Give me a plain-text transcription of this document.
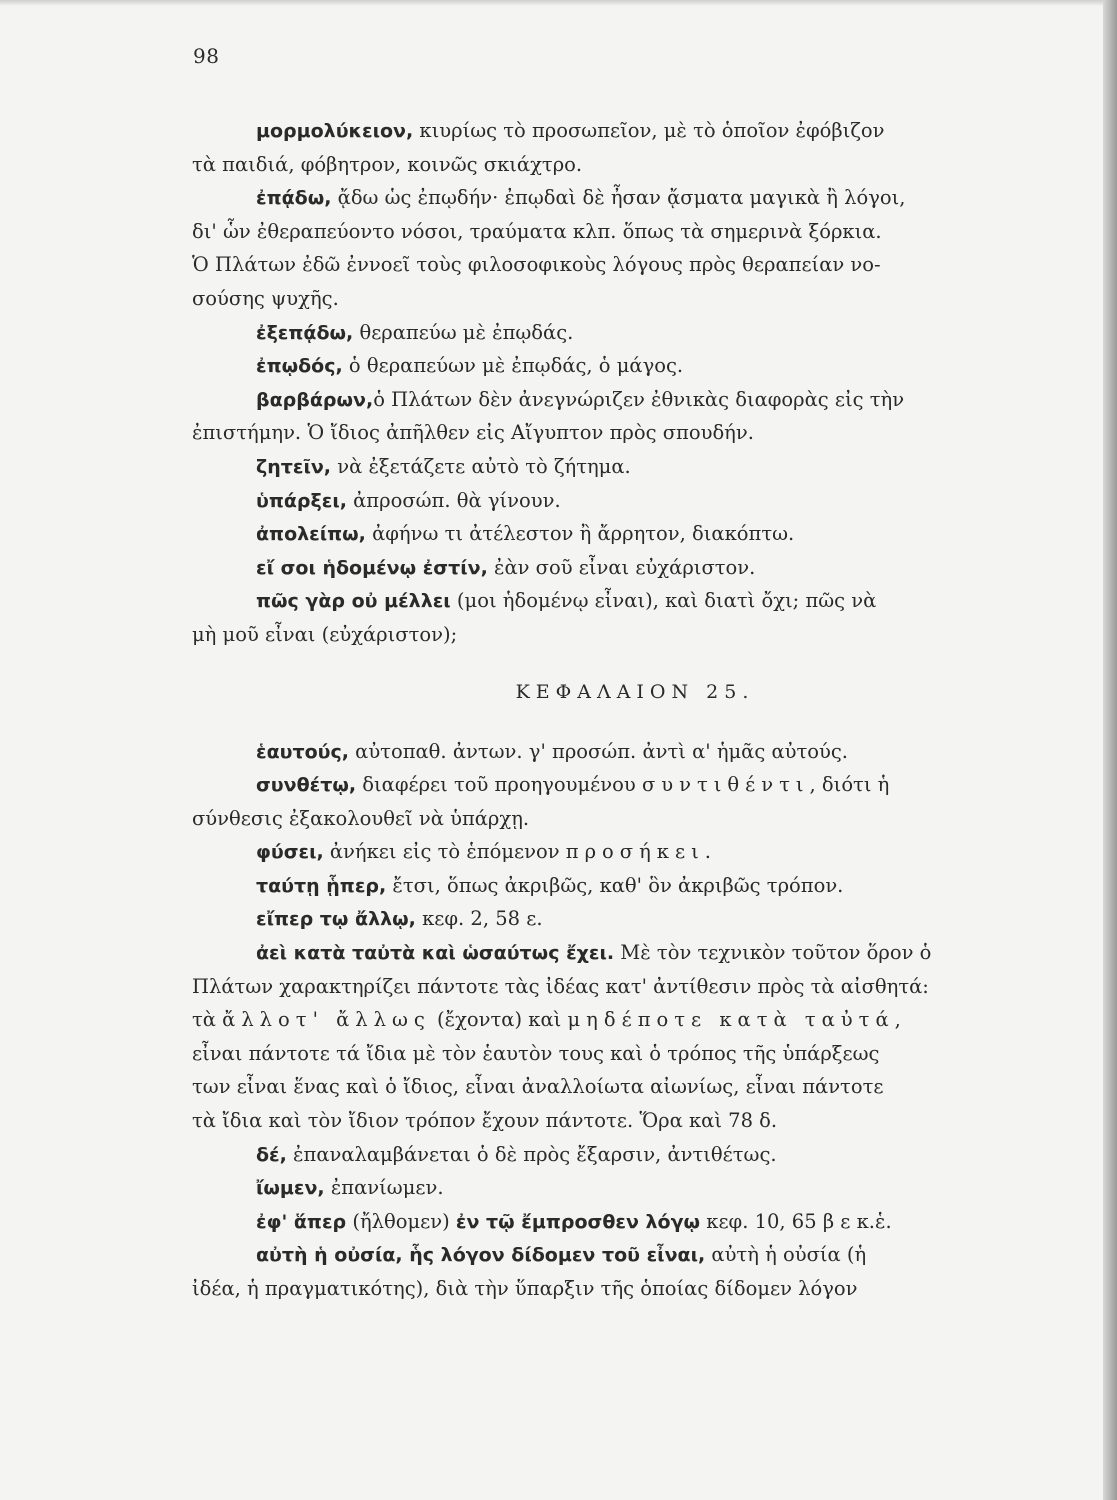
98
μορμολύκειον, κιυρίως τὸ προσωπεῖον, μὲ τὸ ὁποῖον ἐφόβιζον
τὰ παιδιά, φόβητρον, κοινῶς σκιάχτρο.
ἐπᾴδω, ᾄδω ὡς ἐπῳδήν· ἐπῳδαὶ δὲ ἦσαν ᾄσματα μαγικὰ ἢ λόγοι,
δι' ὧν ἐθεραπεύοντο νόσοι, τραύματα κλπ. ὅπως τὰ σημερινὰ ξόρκια.
Ὁ Πλάτων ἐδῶ ἐννοεῖ τοὺς φιλοσοφικοὺς λόγους πρὸς θεραπείαν νο-
σούσης ψυχῆς.
ἐξεπᾴδω, θεραπεύω μὲ ἐπῳδάς.
ἐπῳδός, ὁ θεραπεύων μὲ ἐπῳδάς, ὁ μάγος.
βαρβάρων,ὁ Πλάτων δὲν ἀνεγνώριζεν ἐθνικὰς διαφορὰς εἰς τὴν
ἐπιστήμην. Ὁ ἴδιος ἀπῆλθεν εἰς Αἴγυπτον πρὸς σπουδήν.
ζητεῖν, νὰ ἐξετάζετε αὐτὸ τὸ ζήτημα.
ὑπάρξει, ἀπροσώπ. θὰ γίνουν.
ἀπολείπω, ἀφήνω τι ἀτέλεστον ἢ ἄρρητον, διακόπτω.
εἴ σοι ἡδομένῳ ἐστίν, ἐὰν σοῦ εἶναι εὐχάριστον.
πῶς γὰρ οὐ μέλλει (μοι ἡδομένῳ εἶναι), καὶ διατὶ ὄχι; πῶς νὰ
μὴ μοῦ εἶναι (εὐχάριστον);
ΚΕΦΑΛΑΙΟΝ 25.
ἑαυτούς, αὐτοπαθ. ἀντων. γ' προσώπ. ἀντὶ α' ἡμᾶς αὐτούς.
συνθέτῳ, διαφέρει τοῦ προηγουμένου συντιθέντι, διότι ἡ
σύνθεσις ἐξακολουθεῖ νὰ ὑπάρχῃ.
φύσει, ἀνήκει εἰς τὸ ἑπόμενον προσήκει.
ταύτῃ ᾗπερ, ἔτσι, ὅπως ἀκριβῶς, καθ' ὃν ἀκριβῶς τρόπον.
εἴπερ τῳ ἄλλῳ, κεφ. 2, 58 ε.
ἀεὶ κατὰ ταὐτὰ καὶ ὡσαύτως ἔχει. Μὲ τὸν τεχνικὸν τοῦτον ὅρον ὁ
Πλάτων χαρακτηρίζει πάντοτε τὰς ἰδέας κατ' ἀντίθεσιν πρὸς τὰ αἰσθητά:
τὰ ἄλλοτ' ἄλλως (ἔχοντα) καὶ μηδέποτε κατὰ ταὐτά,
εἶναι πάντοτε τά ἴδια μὲ τὸν ἑαυτὸν τους καὶ ὁ τρόπος τῆς ὑπάρξεως
των εἶναι ἕνας καὶ ὁ ἴδιος, εἶναι ἀναλλοίωτα αἰωνίως, εἶναι πάντοτε
τὰ ἴδια καὶ τὸν ἴδιον τρόπον ἔχουν πάντοτε. Ὅρα καὶ 78 δ.
δέ, ἐπαναλαμβάνεται ὁ δὲ πρὸς ἔξαρσιν, ἀντιθέτως.
ἴωμεν, ἐπανίωμεν.
ἐφ' ἅπερ (ἤλθομεν) ἐν τῷ ἔμπροσθεν λόγῳ κεφ. 10, 65 β ε κ.ἑ.
αὐτὴ ἡ οὐσία, ἧς λόγον δίδομεν τοῦ εἶναι, αὐτὴ ἡ οὐσία (ἡ
ἰδέα, ἡ πραγματικότης), διὰ τὴν ὕπαρξιν τῆς ὁποίας δίδομεν λόγον
